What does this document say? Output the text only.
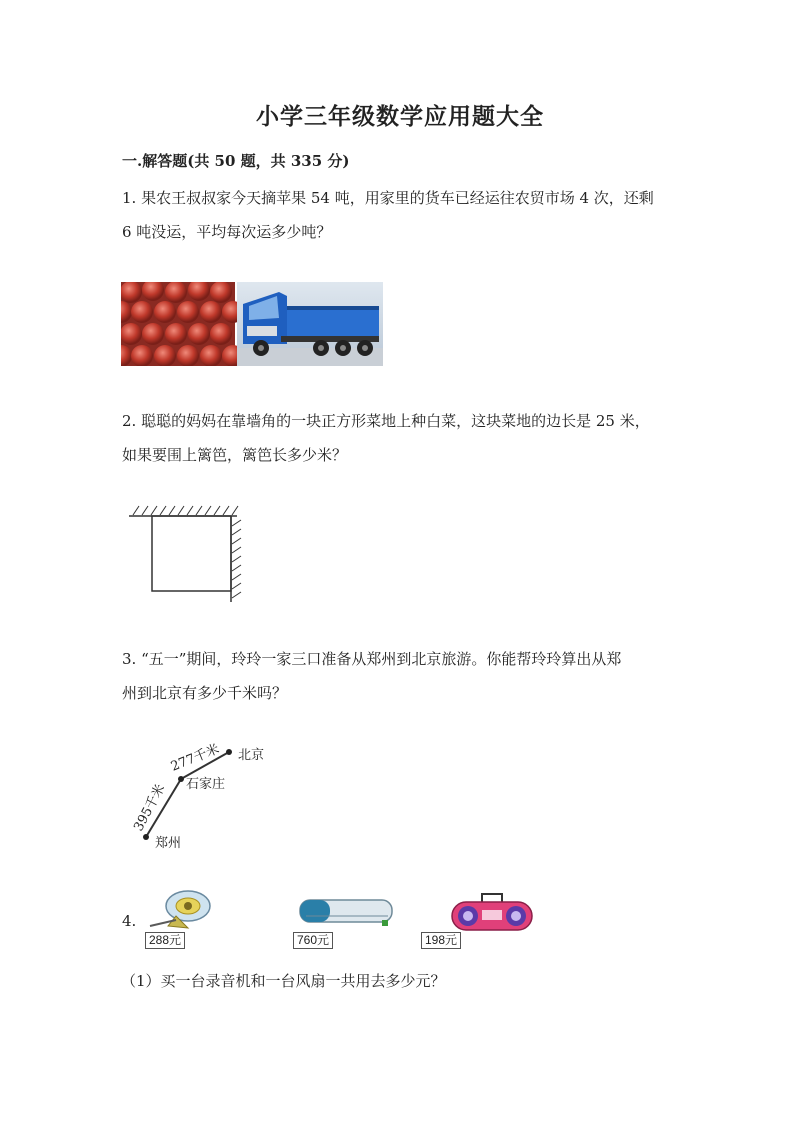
小学三年级数学应用题大全
一.解答题(共 50 题，共 335 分)
1. 果农王叔叔家今天摘苹果 54 吨，用家里的货车已经运往农贸市场 4 次，还剩
6 吨没运，平均每次运多少吨？
2. 聪聪的妈妈在靠墙角的一块正方形菜地上种白菜，这块菜地的边长是 25 米，
如果要围上篱笆，篱笆长多少米？
3. “五一”期间，玲玲一家三口准备从郑州到北京旅游。你能帮玲玲算出从郑
州到北京有多少千米吗？
277千米
395千米
北京
石家庄
郑州
4.
288元	760元	198元
（1）买一台录音机和一台风扇一共用去多少元？
